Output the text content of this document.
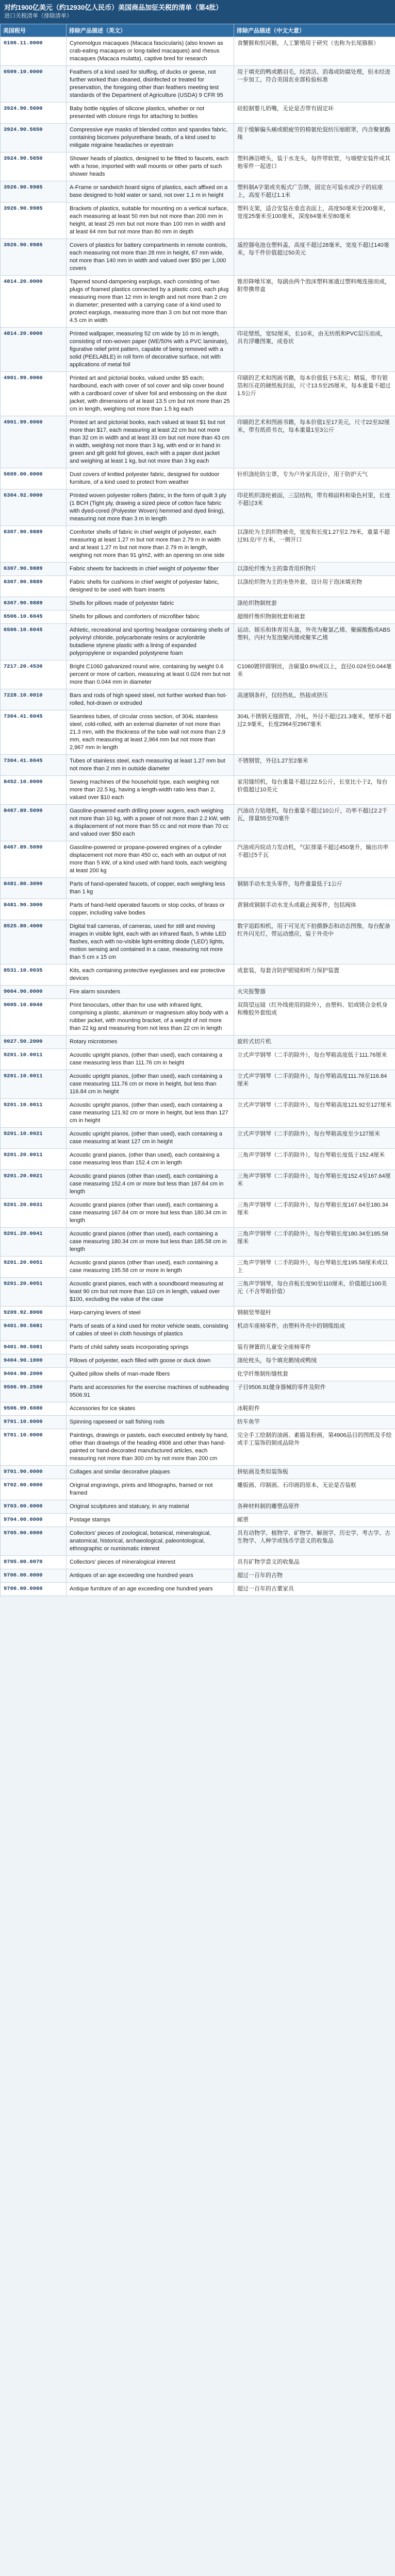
对约1900亿美元（约12930亿人民币）美国商品加征关税的清单（第4批）
进口关税清单（排除清单）
美国税号	排除产品描述（英文）	排除产品描述（中文大意）
0106.11.0000	Cynomolgus macaques (Macaca fascicularis) (also known as crab-eating macaques or long-tailed macaques) and rhesus macaques (Macaca mulatta), captive bred for research	食蟹猴和恒河猴，人工繁殖用于研究（也称为长尾猕猴）
0509.10.0000	Feathers of a kind used for stuffing, of ducks or geese, not further worked than cleaned, disinfected or treated for preservation, the foregoing other than feathers meeting test standards of the Department of Agriculture (USDA) 9 CFR 95	用于填充的鸭或鹅羽毛，经清洁、消毒或防腐处理，但未经进一步加工，符合美国农业部检验标准
3924.90.5600	Baby bottle nipples of silicone plastics, whether or not presented with closure rings for attaching to bottles	硅胶制婴儿奶嘴，无论是否带有固定环
3924.90.5650	Compressive eye masks of blended cotton and spandex fabric, containing biconvex polyurethane beads, of a kind used to mitigate migraine headaches or eyestrain	用于缓解偏头痛或眼疲劳的棉氨纶混纺压缩眼罩，内含聚氨酯珠
3924.90.5650	Shower heads of plastics, designed to be fitted to faucets, each with a hose, imported with wall mounts or other parts of such shower heads	塑料淋浴喷头，装于水龙头，每件带软管，与墙壁安装件或其他零件一起进口
3926.90.9985	A-Frame or sandwich board signs of plastics, each affixed on a base designed to hold water or sand, not over 1.1 m in height	塑料制A字架或夹板式广告牌，固定在可装水或沙子的底座上，高度不超过1.1米
3926.90.9985	Brackets of plastics, suitable for mounting on a vertical surface, each measuring at least 50 mm but not more than 200 mm in height, at least 25 mm but not more than 100 mm in width and at least 64 mm but not more than 80 mm in depth	塑料支架，适合安装在垂直表面上，高度50毫米至200毫米，宽度25毫米至100毫米，深度64毫米至80毫米
3926.90.9985	Covers of plastics for battery compartments in remote controls, each measuring not more than 28 mm in height, 67 mm wide, not more than 140 mm in width and valued over $50 per 1,000 covers	遥控器电池仓塑料盖，高度不超过28毫米，宽度不超过140毫米，每千件价值超过50美元
4814.20.0000	Tapered sound-dampening earplugs, each consisting of two plugs of foamed plastics connected by a plastic cord, each plug measuring more than 12 mm in length and not more than 2 cm in diameter; presented with a carrying case of a kind used to protect earplugs, measuring more than 3 cm but not more than 4.5 cm in width	锥形降噪耳塞，每副由两个泡沫塑料塞通过塑料绳连接而成，附带携带盒
4814.20.0000	Printed wallpaper, measuring 52 cm wide by 10 m in length, consisting of non-woven paper (WE/50% with a PVC laminate), figurative relief print pattern, capable of being removed with a solid (PEELABLE) in roll form of decorative surface, not with applications of metal foil	印花壁纸，宽52厘米，长10米，由无纺纸和PVC层压而成，具有浮雕图案，成卷状
4901.99.0060	Printed art and pictorial books, valued under $5 each; hardbound, each with cover of sol cover and slip cover bound with a cardboard cover of silver foil and embossing on the dust jacket, with dimensions of at least 13.5 cm but not more than 25 cm in length, weighing not more than 1.5 kg each	印刷的艺术和图画书籍，每本价值低于5美元；精装，带有银箔和压花的硬纸板封面，尺寸13.5至25厘米，每本重量不超过1.5公斤
4901.99.0060	Printed art and pictorial books, each valued at least $1 but not more than $17, each measuring at least 22 cm but not more than 32 cm in width and at least 33 cm but not more than 43 cm in width, weighing not more than 3 kg, with end or in hand in green and gilt gold foil gloves, each with a paper dust jacket and weighing at least 1 kg, but not more than 3 kg each	印刷的艺术和图画书籍，每本价值1至17美元，尺寸22至32厘米，带有纸质书衣，每本重量1至3公斤
5609.00.0000	Dust covers of knitted polyester fabric, designed for outdoor furniture, of a kind used to protect from weather	针织涤纶防尘罩，专为户外家具设计，用于防护天气
6304.92.0000	Printed woven polyester rollers (fabric, in the form of quilt 3 ply (1 BCH (Tight ply, drawing a sized piece of cotton face fabric with dyed-cored (Polyester Woven) hemmed and dyed lining), measuring not more than 3 m in length	印花机织涤纶被面，三层结构，带有棉面料和染色衬里，长度不超过3米
6307.90.9889	Comforter shells of fabric in chief weight of polyester, each measuring at least 1.27 m but not more than 2.79 m in width and at least 1.27 m but not more than 2.79 m in length, weighing not more than 91 g/m2, with an opening on one side	以涤纶为主的织物被壳，宽度和长度1.27至2.79米，重量不超过91克/平方米，一侧开口
6307.90.9889	Fabric sheets for backrests in chief weight of polyester fiber	以涤纶纤维为主的靠背用织物片
6307.90.9889	Fabric shells for cushions in chief weight of polyester fabric, designed to be used with foam inserts	以涤纶织物为主的坐垫外套，设计用于泡沫填充物
6307.90.9889	Shells for pillows made of polyester fabric	涤纶织物制枕套
6506.10.6045	Shells for pillows and comforters of microfiber fabric	超细纤维织物制枕套和被套
6506.10.6045	Athletic, recreational and sporting headgear containing shells of polyvinyl chloride, polycarbonate resins or acrylonitrile butadiene styrene plastic with a lining of expanded polypropylene or expanded polystyrene foam	运动、娱乐和体育用头盔，外壳为聚氯乙烯、聚碳酸酯或ABS塑料，内衬为发泡聚丙烯或聚苯乙烯
7217.20.4530	Bright C1060 galvanized round wire, containing by weight 0.6 percent or more of carbon, measuring at least 0.024 mm but not more than 0.044 mm in diameter	C1060镀锌圆钢丝，含碳量0.6%或以上，直径0.024至0.044毫米
7228.10.0010	Bars and rods of high speed steel, not further worked than hot-rolled, hot-drawn or extruded	高速钢条杆，仅经热轧、热拔或挤压
7304.41.6045	Seamless tubes, of circular cross section, of 304L stainless steel, cold-rolled, with an external diameter of not more than 21.3 mm, with the thickness of the tube wall not more than 2.9 mm, each measuring at least 2,964 mm but not more than 2,967 mm in length	304L不锈钢无缝圆管，冷轧，外径不超过21.3毫米，壁厚不超过2.9毫米，长度2964至2967毫米
7304.41.6045	Tubes of stainless steel, each measuring at least 1.27 mm but not more than 2 mm in outside diameter	不锈钢管，外径1.27至2毫米
8452.10.0000	Sewing machines of the household type, each weighing not more than 22.5 kg, having a length-width ratio less than 2, valued over $10 each	家用缝纫机，每台重量不超过22.5公斤，长宽比小于2，每台价值超过10美元
8467.89.5090	Gasoline-powered earth drilling power augers, each weighing not more than 10 kg, with a power of not more than 2.2 kW, with a displacement of not more than 55 cc and not more than 70 cc and valued over $50 each	汽油动力钻地机，每台重量不超过10公斤，功率不超过2.2千瓦，排量55至70毫升
8467.89.5090	Gasoline-powered or propane-powered engines of a cylinder displacement not more than 450 cc, each with an output of not more than 5 kW, of a kind used with hand tools, each weighing at least 200 kg	汽油或丙烷动力发动机，气缸排量不超过450毫升，输出功率不超过5千瓦
8481.80.3090	Parts of hand-operated faucets, of copper, each weighing less than 1 kg	铜制手动水龙头零件，每件重量低于1公斤
8481.90.3000	Parts of hand-held operated faucets or stop cocks, of brass or copper, including valve bodies	黄铜或铜制手动水龙头或截止阀零件，包括阀体
8525.80.4000	Digital trail cameras, of cameras, used for still and moving images in visible light, each with an infrared flash, 5 white LED flashes, each with no-visible light-emitting diode ('LED') lights, motion sensing and contained in a case, measuring not more than 5 cm x 15 cm	数字追踪相机，用于可见光下拍摄静态和动态图像，每台配备红外闪光灯，带运动感应，装于外壳中
8531.10.0035	Kits, each containing protective eyeglasses and ear protective devices	成套装，每套含防护眼镜和听力保护装置
9004.90.0000	Fire alarm sounders	火灾报警器
9005.10.0040	Print binoculars, other than for use with infrared light, comprising a plastic, aluminum or magnesium alloy body with a rubber jacket, with mounting bracket, of a weight of not more than 22 kg and measuring from not less than 22 cm in length	双筒望远镜（红外线使用的除外），由塑料、铝或镁合金机身和橡胶外套组成
9027.50.2000	Rotary microtomes	旋转式切片机
9201.10.0011	Acoustic upright pianos, (other than used), each containing a case measuring less than 111.76 cm in height	立式声学钢琴（二手的除外），每台琴箱高度低于111.76厘米
9201.10.0011	Acoustic upright pianos, (other than used), each containing a case measuring 111.76 cm or more in height, but less than 116.84 cm in height	立式声学钢琴（二手的除外），每台琴箱高度111.76至116.84厘米
9201.10.0011	Acoustic upright pianos, (other than used), each containing a case measuring 121.92 cm or more in height, but less than 127 cm in height	立式声学钢琴（二手的除外），每台琴箱高度121.92至127厘米
9201.10.0021	Acoustic upright pianos, (other than used), each containing a case measuring at least 127 cm in height	立式声学钢琴（二手的除外），每台琴箱高度至少127厘米
9201.20.0011	Acoustic grand pianos, (other than used), each containing a case measuring less than 152.4 cm in length	三角声学钢琴（二手的除外），每台琴箱长度低于152.4厘米
9201.20.0021	Acoustic grand pianos (other than used), each containing a case measuring 152.4 cm or more but less than 167.64 cm in length	三角声学钢琴（二手的除外），每台琴箱长度152.4至167.64厘米
9201.20.0031	Acoustic grand pianos (other than used), each containing a case measuring 167.64 cm or more but less than 180.34 cm in length	三角声学钢琴（二手的除外），每台琴箱长度167.64至180.34厘米
9201.20.0041	Acoustic grand pianos (other than used), each containing a case measuring 180.34 cm or more but less than 185.58 cm in length	三角声学钢琴（二手的除外），每台琴箱长度180.34至185.58厘米
9201.20.0051	Acoustic grand pianos (other than used), each containing a case measuring 195.58 cm or more in length	三角声学钢琴（二手的除外），每台琴箱长度195.58厘米或以上
9201.20.0051	Acoustic grand pianos, each with a soundboard measuring at least 90 cm but not more than 110 cm in length, valued over $100, excluding the value of the case	三角声学钢琴，每台音板长度90至110厘米，价值超过100美元（不含琴箱价值）
9209.92.8000	Harp-carrying levers of steel	钢制竖琴提杆
9401.90.5081	Parts of seats of a kind used for motor vehicle seats, consisting of cables of steel in cloth housings of plastics	机动车座椅零件，由塑料外壳中的钢缆组成
9401.90.5081	Parts of child safety seats incorporating springs	装有弹簧的儿童安全座椅零件
9404.90.1000	Pillows of polyester, each filled with goose or duck down	涤纶枕头，每个填充鹅绒或鸭绒
9404.90.2000	Quilted pillow shells of man-made fibers	化学纤维制绗缝枕套
9506.99.2580	Parts and accessories for the exercise machines of subheading 9506.91	子目9506.91健身器械的零件及附件
9506.99.6080	Accessories for ice skates	冰鞋附件
9701.10.0000	Spinning rapeseed or salt fishing rods	纺车鱼竿
9701.10.0000	Paintings, drawings or pastels, each executed entirely by hand, other than drawings of the heading 4906 and other than hand-painted or hand-decorated manufactured articles, each measuring not more than 300 cm by not more than 200 cm	完全手工绘制的油画、素描及粉画，第4906品目的图纸及手绘或手工装饰的制成品除外
9701.90.0000	Collages and similar decorative plaques	拼贴画及类似装饰板
9702.00.0000	Original engravings, prints and lithographs, framed or not framed	雕版画、印制画、石印画的原本，无论是否装框
9703.00.0000	Original sculptures and statuary, in any material	各种材料制的雕塑品原件
9704.00.0000	Postage stamps	邮票
9705.00.0000	Collectors' pieces of zoological, botanical, mineralogical, anatomical, historical, archaeological, paleontological, ethnographic or numismatic interest	具有动物学、植物学、矿物学、解剖学、历史学、考古学、古生物学、人种学或钱币学意义的收集品
9705.00.0070	Collectors' pieces of mineralogical interest	具有矿物学意义的收集品
9706.00.0000	Antiques of an age exceeding one hundred years	超过一百年的古物
9706.00.0060	Antique furniture of an age exceeding one hundred years	超过一百年的古董家具
